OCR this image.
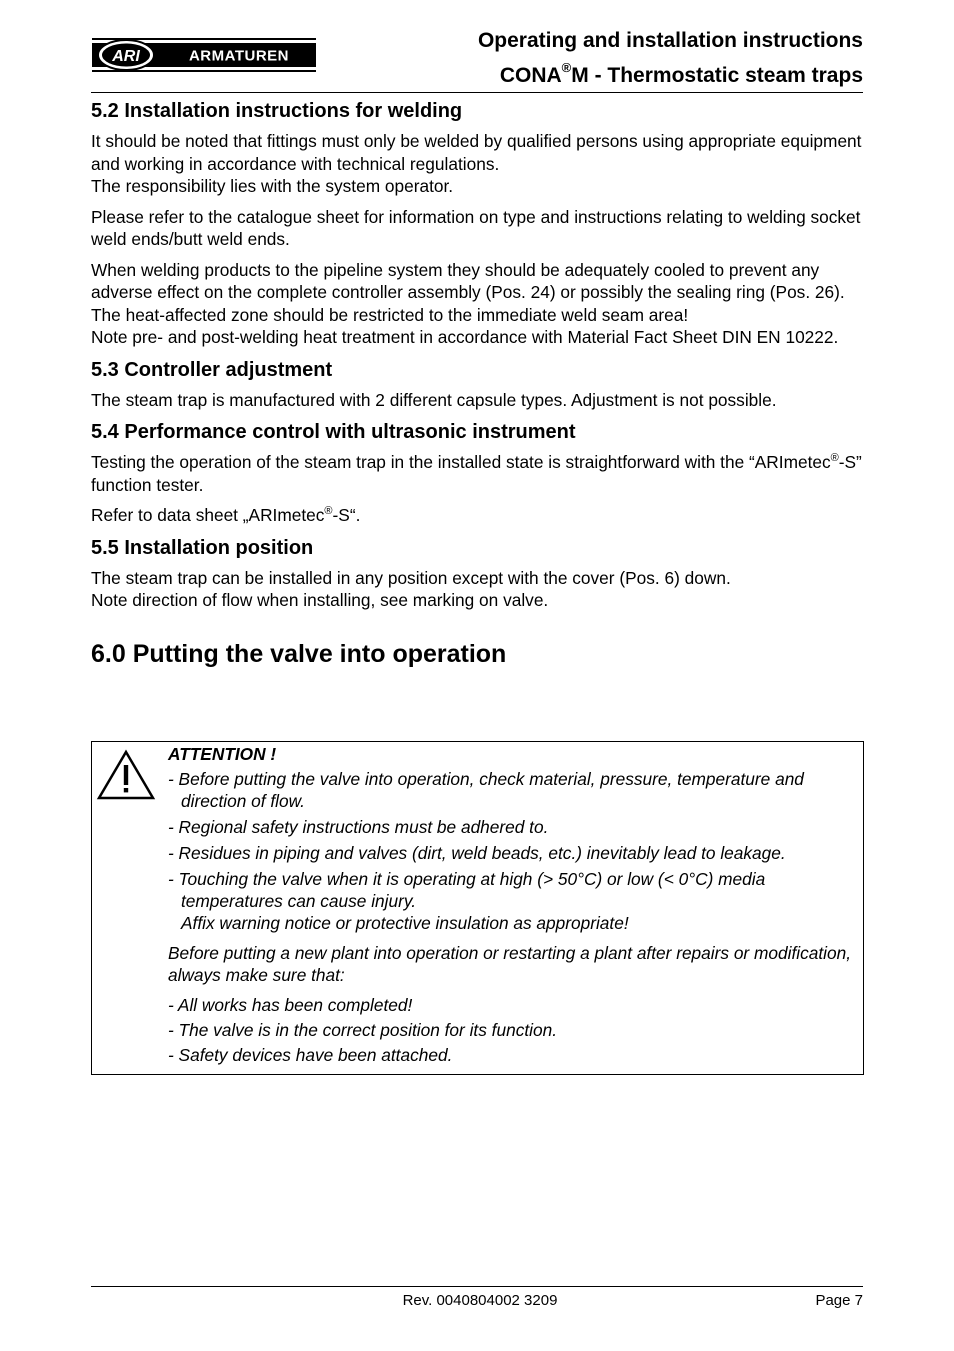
ARI	ARMATUREN
Operating and installation instructions
CONA®M - Thermostatic steam traps
5.2 Installation instructions for welding

It should be noted that fittings must only be welded by qualified persons using appropriate equipment and working in accordance with technical regulations.

The responsibility lies with the system operator.

Please refer to the catalogue sheet for information on type and instructions relating to welding socket weld ends/butt weld ends.

When welding products to the pipeline system they should be adequately cooled to prevent any adverse effect on the complete controller assembly (Pos. 24) or possibly the sealing ring (Pos. 26). The heat-affected zone should be restricted to the immediate weld seam area!

Note pre- and post-welding heat treatment in accordance with Material Fact Sheet DIN EN 10222.

5.3 Controller adjustment

The steam trap is manufactured with 2 different capsule types. Adjustment is not possible.

5.4 Performance control with ultrasonic instrument

Testing the operation of the steam trap in the installed state is straightforward with the “ARImetec®-S” function tester.

Refer to data sheet „ARImetec®-S“.

5.5 Installation position

The steam trap can be installed in any position except with the cover (Pos. 6) down.

Note direction of flow when installing, see marking on valve.

6.0 Putting the valve into operation
ATTENTION !
- Before putting the valve into operation, check material, pressure, temperature and direction of flow.
- Regional safety instructions must be adhered to.
- Residues in piping and valves (dirt, weld beads, etc.) inevitably lead to leakage.
- Touching the valve when it is operating at high (> 50°C) or low (< 0°C) media temperatures can cause injury.
Affix warning notice or protective insulation as appropriate!
Before putting a new plant into operation or restarting a plant after repairs or modification, always make sure that:
- All works has been completed!
- The valve is in the correct position for its function.
- Safety devices have been attached.
Rev. 0040804002 3209	Page 7
